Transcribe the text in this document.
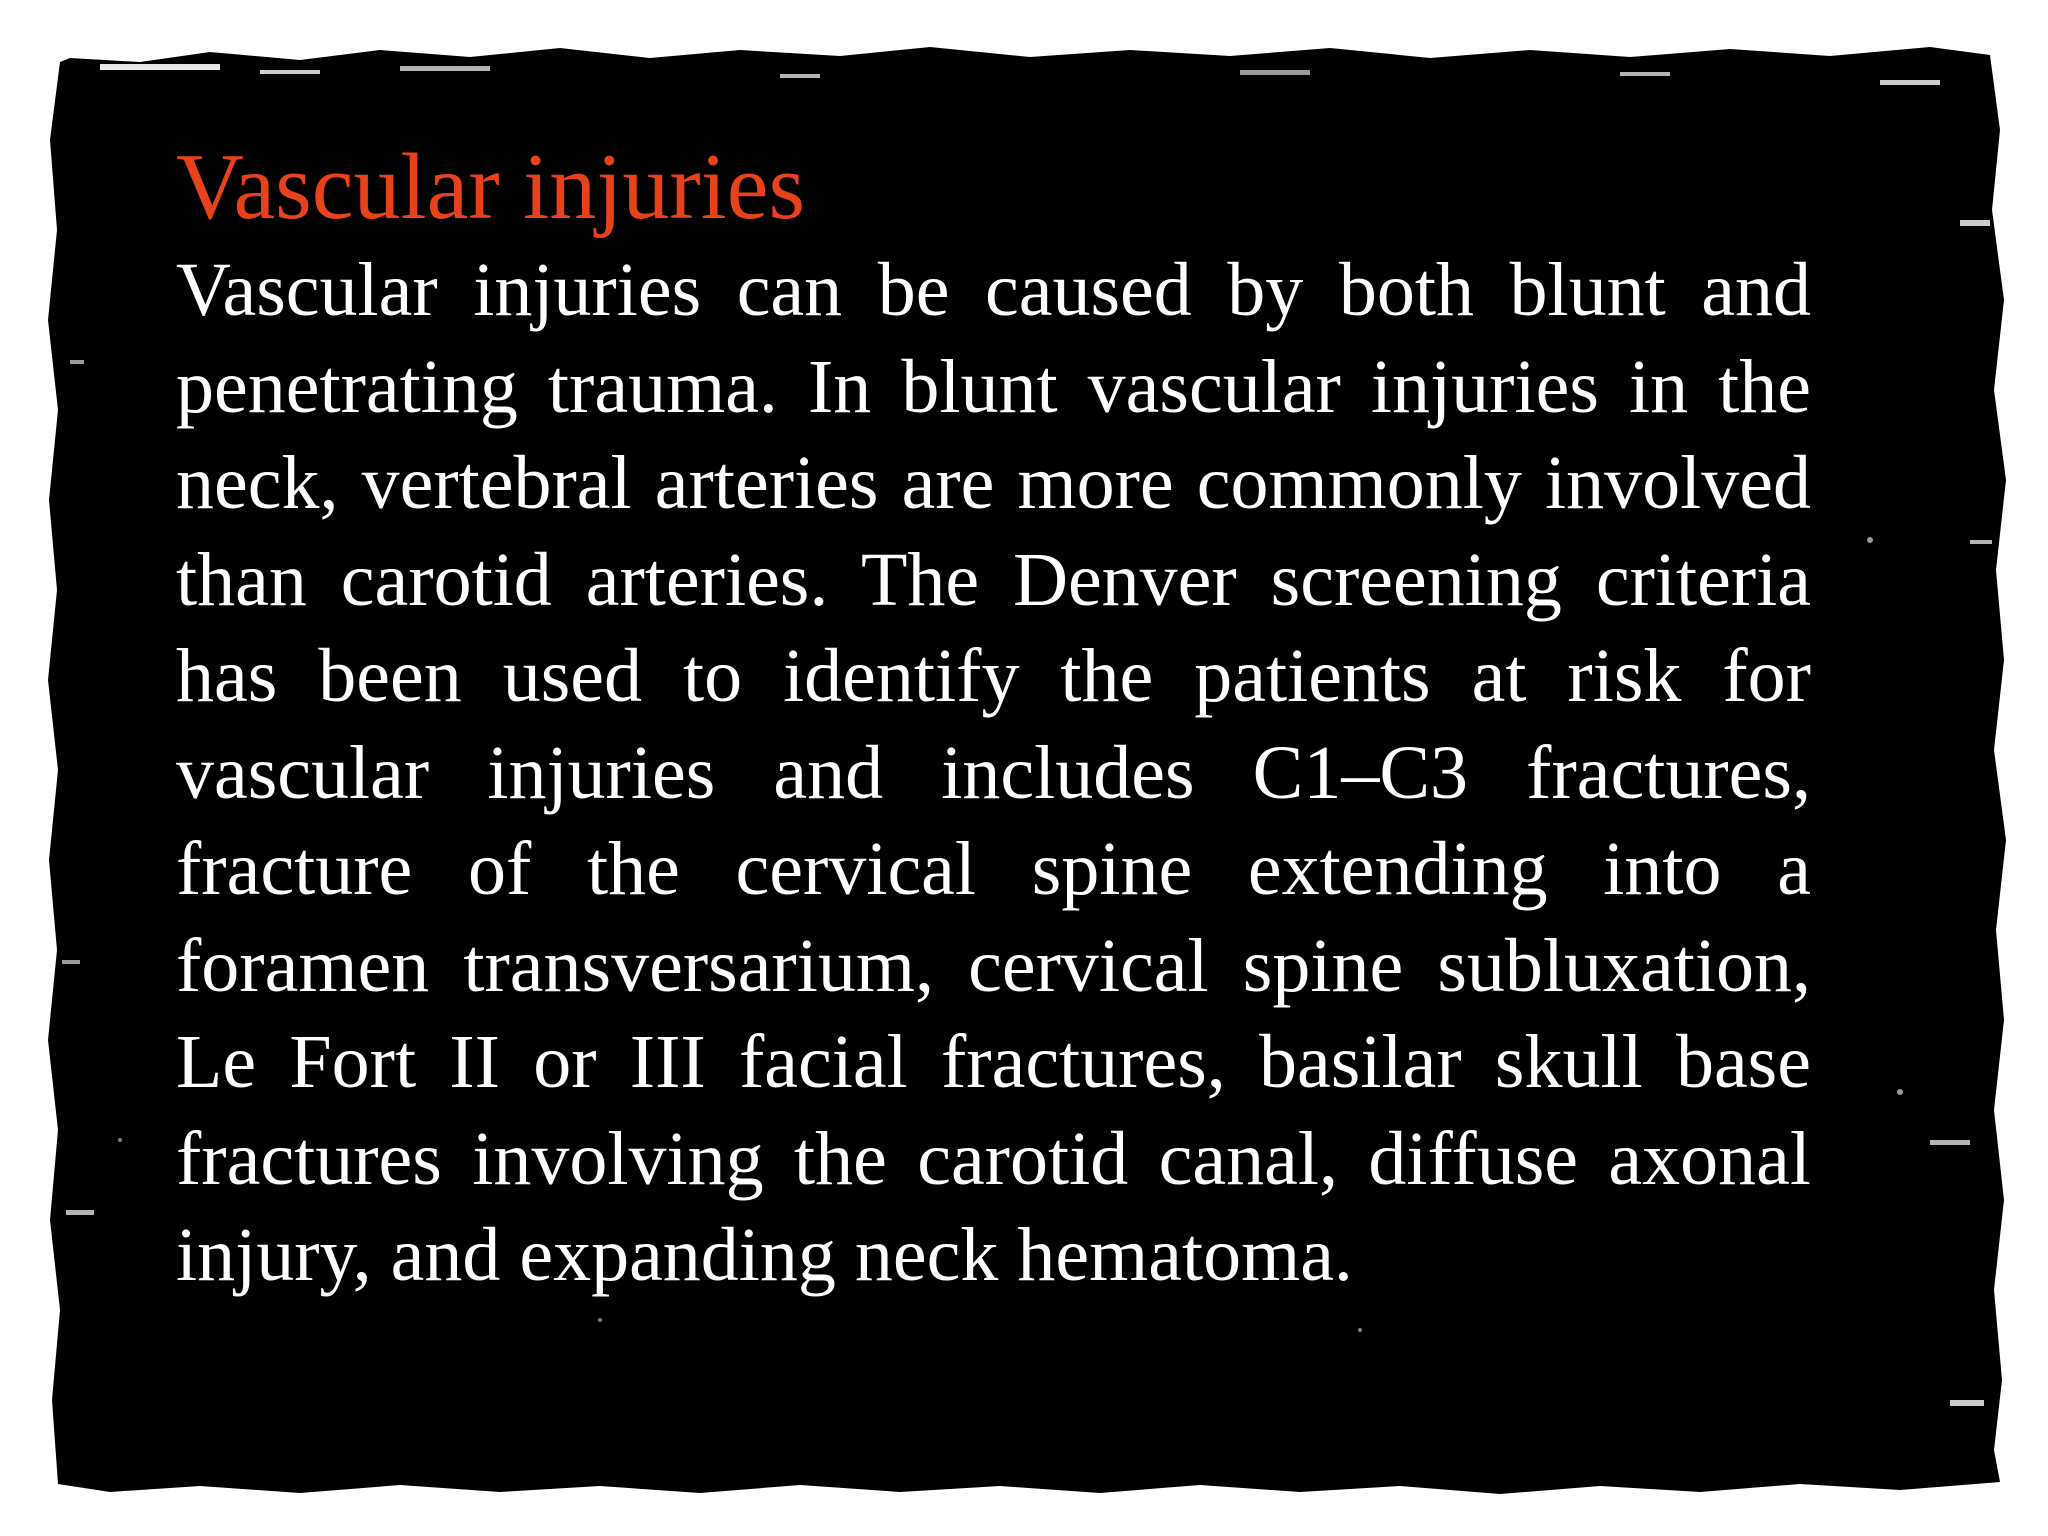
Vascular injuries

Vascular injuries can be caused by both blunt and penetrating trauma. In blunt vascular injuries in the neck, vertebral arteries are more commonly involved than carotid arteries. The Denver screening criteria has been used to identify the patients at risk for vascular injuries and includes C1–C3 fractures, fracture of the cervical spine extending into a foramen transversarium, cervical spine subluxation, Le Fort II or III facial fractures, basilar skull base fractures involving the carotid canal, diffuse axonal injury, and expanding neck hematoma.
